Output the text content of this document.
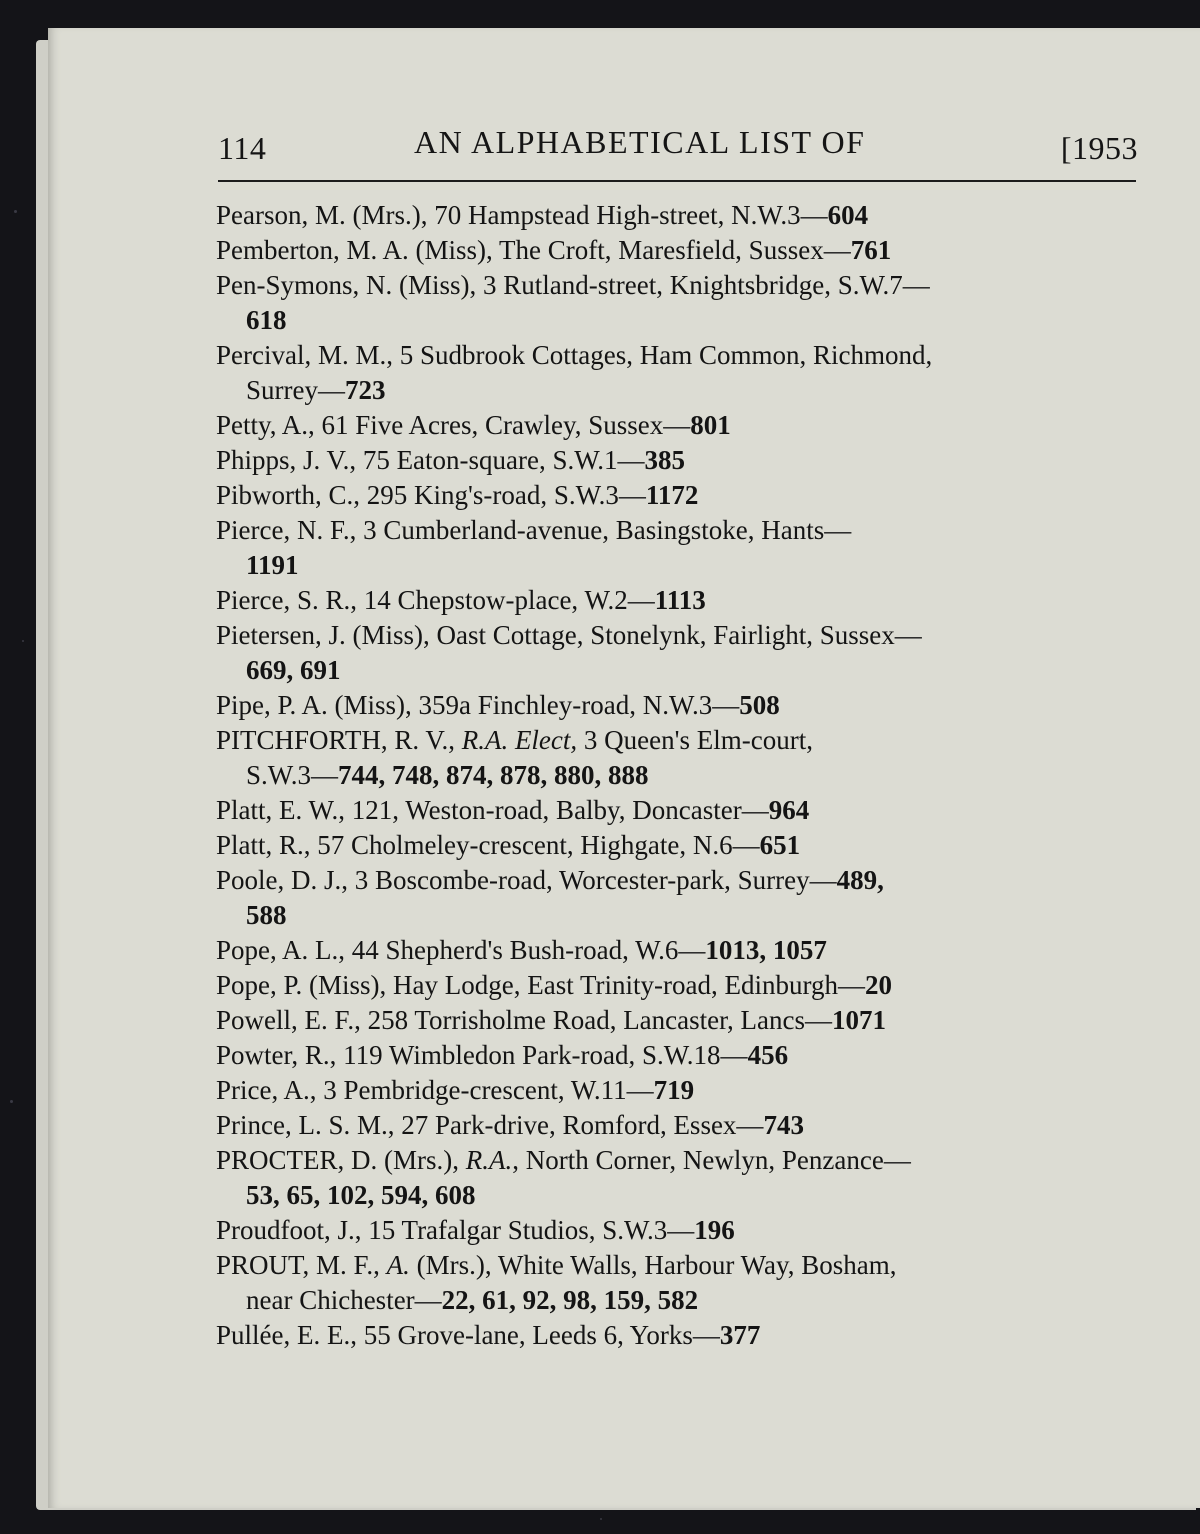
114	AN ALPHABETICAL LIST OF	[1953
Pearson, M. (Mrs.), 70 Hampstead High-street, N.W.3—604
Pemberton, M. A. (Miss), The Croft, Maresfield, Sussex—761
Pen-Symons, N. (Miss), 3 Rutland-street, Knightsbridge, S.W.7—
618
Percival, M. M., 5 Sudbrook Cottages, Ham Common, Richmond,
Surrey—723
Petty, A., 61 Five Acres, Crawley, Sussex—801
Phipps, J. V., 75 Eaton-square, S.W.1—385
Pibworth, C., 295 King's-road, S.W.3—1172
Pierce, N. F., 3 Cumberland-avenue, Basingstoke, Hants—
1191
Pierce, S. R., 14 Chepstow-place, W.2—1113
Pietersen, J. (Miss), Oast Cottage, Stonelynk, Fairlight, Sussex—
669, 691
Pipe, P. A. (Miss), 359a Finchley-road, N.W.3—508
PITCHFORTH, R. V., R.A. Elect, 3 Queen's Elm-court,
S.W.3—744, 748, 874, 878, 880, 888
Platt, E. W., 121, Weston-road, Balby, Doncaster—964
Platt, R., 57 Cholmeley-crescent, Highgate, N.6—651
Poole, D. J., 3 Boscombe-road, Worcester-park, Surrey—489,
588
Pope, A. L., 44 Shepherd's Bush-road, W.6—1013, 1057
Pope, P. (Miss), Hay Lodge, East Trinity-road, Edinburgh—20
Powell, E. F., 258 Torrisholme Road, Lancaster, Lancs—1071
Powter, R., 119 Wimbledon Park-road, S.W.18—456
Price, A., 3 Pembridge-crescent, W.11—719
Prince, L. S. M., 27 Park-drive, Romford, Essex—743
PROCTER, D. (Mrs.), R.A., North Corner, Newlyn, Penzance—
53, 65, 102, 594, 608
Proudfoot, J., 15 Trafalgar Studios, S.W.3—196
PROUT, M. F., A. (Mrs.), White Walls, Harbour Way, Bosham,
near Chichester—22, 61, 92, 98, 159, 582
Pullée, E. E., 55 Grove-lane, Leeds 6, Yorks—377
